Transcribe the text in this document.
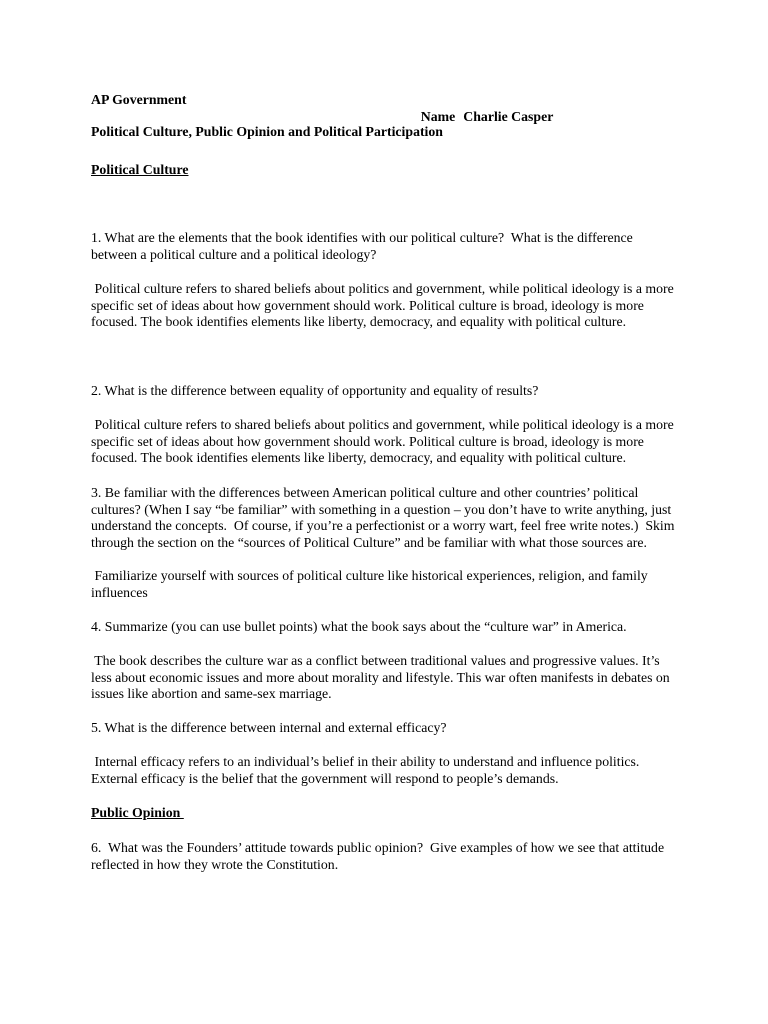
AP Government

Name Charlie Casper

Political Culture, Public Opinion and Political Participation
Political Culture
1. What are the elements that the book identifies with our political culture?  What is the difference
between a political culture and a political ideology?
Political culture refers to shared beliefs about politics and government, while political ideology is a more
specific set of ideas about how government should work. Political culture is broad, ideology is more
focused. The book identifies elements like liberty, democracy, and equality with political culture.
2. What is the difference between equality of opportunity and equality of results?
Political culture refers to shared beliefs about politics and government, while political ideology is a more
specific set of ideas about how government should work. Political culture is broad, ideology is more
focused. The book identifies elements like liberty, democracy, and equality with political culture.
3. Be familiar with the differences between American political culture and other countries’ political
cultures? (When I say “be familiar” with something in a question – you don’t have to write anything, just
understand the concepts.  Of course, if you’re a perfectionist or a worry wart, feel free write notes.)  Skim
through the section on the “sources of Political Culture” and be familiar with what those sources are.
Familiarize yourself with sources of political culture like historical experiences, religion, and family
influences
4. Summarize (you can use bullet points) what the book says about the “culture war” in America.
The book describes the culture war as a conflict between traditional values and progressive values. It’s
less about economic issues and more about morality and lifestyle. This war often manifests in debates on
issues like abortion and same-sex marriage.
5. What is the difference between internal and external efficacy?
Internal efficacy refers to an individual’s belief in their ability to understand and influence politics.
External efficacy is the belief that the government will respond to people’s demands.
Public Opinion
6.  What was the Founders’ attitude towards public opinion?  Give examples of how we see that attitude
reflected in how they wrote the Constitution.
